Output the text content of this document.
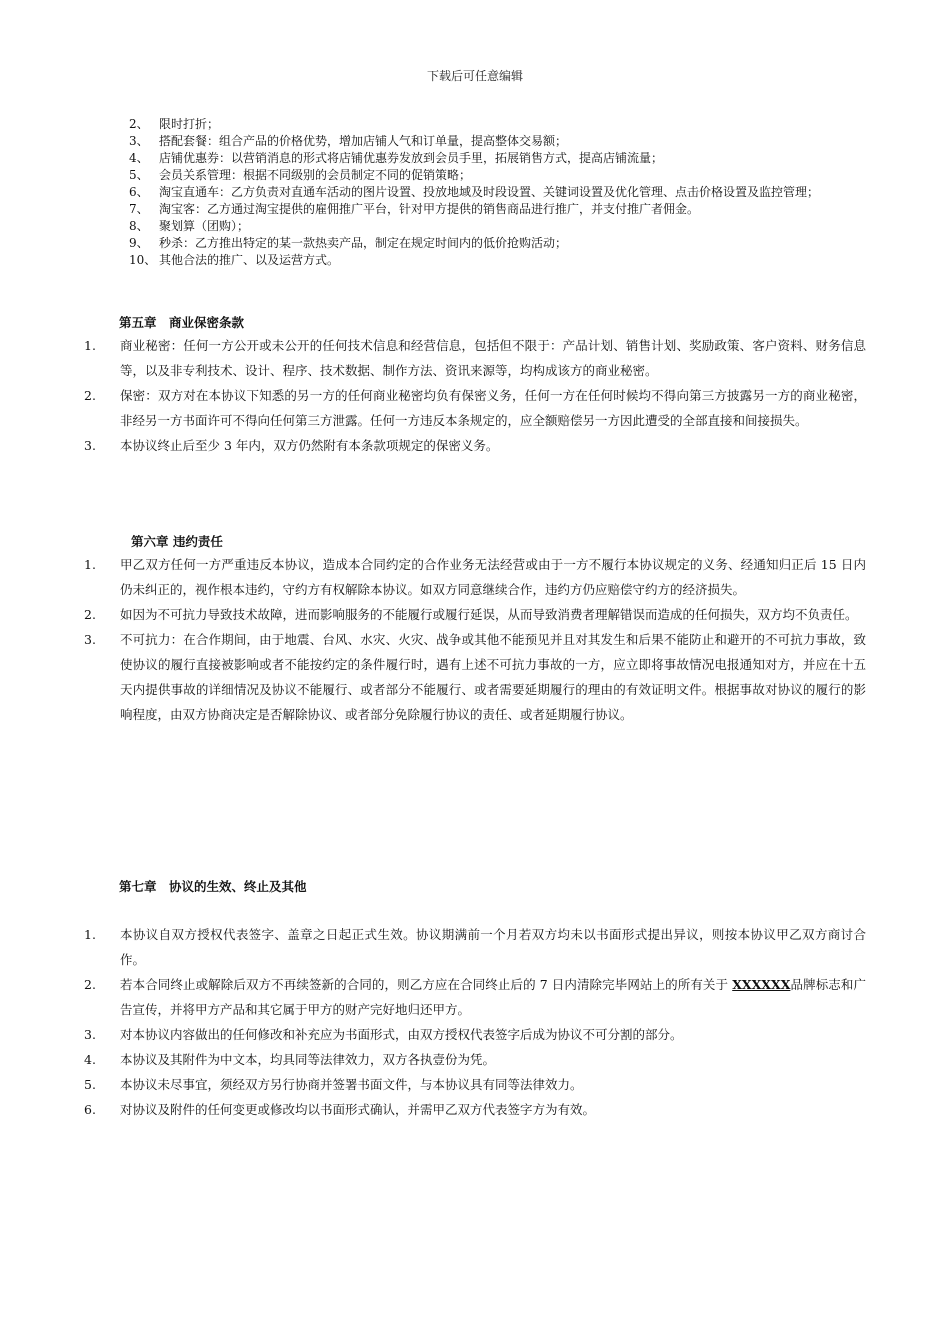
下载后可任意编辑
2、 限时打折；
3、 搭配套餐：组合产品的价格优势，增加店铺人气和订单量，提高整体交易额；
4、 店铺优惠券：以营销消息的形式将店铺优惠券发放到会员手里，拓展销售方式，提高店铺流量；
5、 会员关系管理：根据不同级别的会员制定不同的促销策略；
6、 淘宝直通车：乙方负责对直通车活动的图片设置、投放地域及时段设置、关键词设置及优化管理、点击价格设置及监控管理；
7、 淘宝客：乙方通过淘宝提供的雇佣推广平台，针对甲方提供的销售商品进行推广，并支付推广者佣金。
8、 聚划算（团购）；
9、 秒杀：乙方推出特定的某一款热卖产品，制定在规定时间内的低价抢购活动；
10、 其他合法的推广、以及运营方式。
第五章　商业保密条款
1.	商业秘密：任何一方公开或未公开的任何技术信息和经营信息，包括但不限于：产品计划、销售计划、奖励政策、客户资料、财务信息等，以及非专利技术、设计、程序、技术数据、制作方法、资讯来源等，均构成该方的商业秘密。
2.	保密：双方对在本协议下知悉的另一方的任何商业秘密均负有保密义务，任何一方在任何时候均不得向第三方披露另一方的商业秘密，非经另一方书面许可不得向任何第三方泄露。任何一方违反本条规定的，应全额赔偿另一方因此遭受的全部直接和间接损失。
3.	本协议终止后至少 3 年内，双方仍然附有本条款项规定的保密义务。
第六章 违约责任
1.	甲乙双方任何一方严重违反本协议，造成本合同约定的合作业务无法经营或由于一方不履行本协议规定的义务、经通知归正后 15 日内仍未纠正的，视作根本违约，守约方有权解除本协议。如双方同意继续合作，违约方仍应赔偿守约方的经济损失。
2.	如因为不可抗力导致技术故障，进而影响服务的不能履行或履行延误，从而导致消费者理解错误而造成的任何损失，双方均不负责任。
3.	不可抗力：在合作期间，由于地震、台风、水灾、火灾、战争或其他不能预见并且对其发生和后果不能防止和避开的不可抗力事故，致使协议的履行直接被影响或者不能按约定的条件履行时，遇有上述不可抗力事故的一方，应立即将事故情况电报通知对方，并应在十五天内提供事故的详细情况及协议不能履行、或者部分不能履行、或者需要延期履行的理由的有效证明文件。根据事故对协议的履行的影响程度，由双方协商决定是否解除协议、或者部分免除履行协议的责任、或者延期履行协议。
第七章　协议的生效、终止及其他
1.	本协议自双方授权代表签字、盖章之日起正式生效。协议期满前一个月若双方均未以书面形式提出异议，则按本协议甲乙双方商讨合作。
2.	若本合同终止或解除后双方不再续签新的合同的，则乙方应在合同终止后的 7 日内清除完毕网站上的所有关于 XXXXXX品牌标志和广告宣传，并将甲方产品和其它属于甲方的财产完好地归还甲方。
3.	对本协议内容做出的任何修改和补充应为书面形式，由双方授权代表签字后成为协议不可分割的部分。
4.	本协议及其附件为中文本，均具同等法律效力，双方各执壹份为凭。
5.	本协议未尽事宜，须经双方另行协商并签署书面文件，与本协议具有同等法律效力。
6.	对协议及附件的任何变更或修改均以书面形式确认，并需甲乙双方代表签字方为有效。
